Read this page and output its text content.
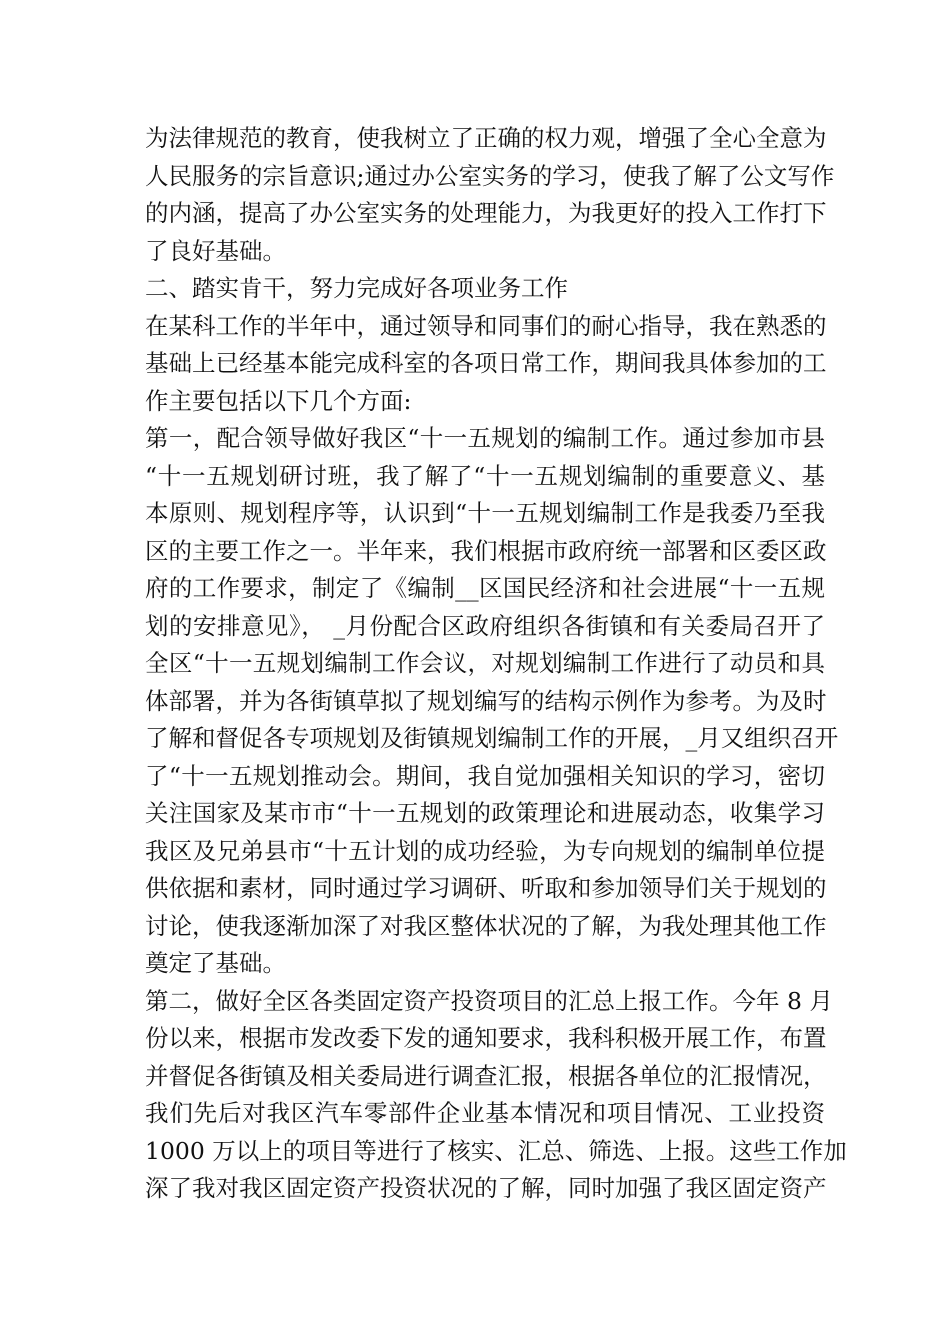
为法律规范的教育，使我树立了正确的权力观，增强了全心全意为
人民服务的宗旨意识;通过办公室实务的学习，使我了解了公文写作
的内涵，提高了办公室实务的处理能力，为我更好的投入工作打下
了良好基础。
二、踏实肯干，努力完成好各项业务工作
在某科工作的半年中，通过领导和同事们的耐心指导，我在熟悉的
基础上已经基本能完成科室的各项日常工作，期间我具体参加的工
作主要包括以下几个方面:
第一，配合领导做好我区“十一五规划的编制工作。通过参加市县
“十一五规划研讨班，我了解了“十一五规划编制的重要意义、基
本原则、规划程序等，认识到“十一五规划编制工作是我委乃至我
区的主要工作之一。半年来，我们根据市政府统一部署和区委区政
府的工作要求，制定了《编制__区国民经济和社会进展“十一五规
划的安排意见》， _月份配合区政府组织各街镇和有关委局召开了
全区“十一五规划编制工作会议，对规划编制工作进行了动员和具
体部署，并为各街镇草拟了规划编写的结构示例作为参考。为及时
了解和督促各专项规划及街镇规划编制工作的开展，_月又组织召开
了“十一五规划推动会。期间，我自觉加强相关知识的学习，密切
关注国家及某市市“十一五规划的政策理论和进展动态，收集学习
我区及兄弟县市“十五计划的成功经验，为专向规划的编制单位提
供依据和素材，同时通过学习调研、听取和参加领导们关于规划的
讨论，使我逐渐加深了对我区整体状况的了解，为我处理其他工作
奠定了基础。
第二，做好全区各类固定资产投资项目的汇总上报工作。今年 8 月
份以来，根据市发改委下发的通知要求，我科积极开展工作，布置
并督促各街镇及相关委局进行调查汇报，根据各单位的汇报情况，
我们先后对我区汽车零部件企业基本情况和项目情况、工业投资
1000 万以上的项目等进行了核实、汇总、筛选、上报。这些工作加
深了我对我区固定资产投资状况的了解，同时加强了我区固定资产
